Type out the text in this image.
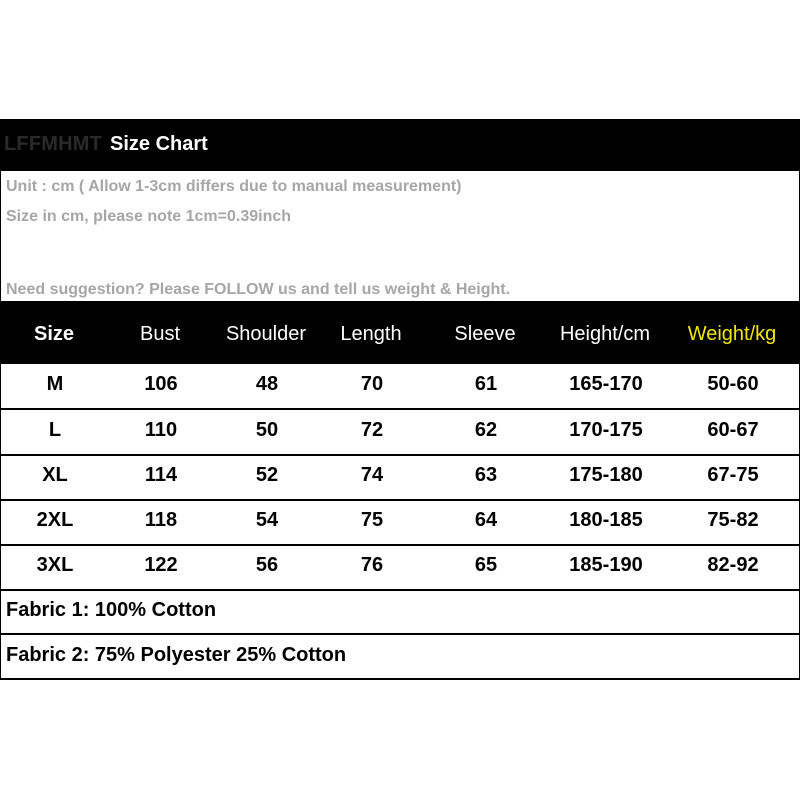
LFFMHMT Size Chart
Unit : cm ( Allow 1-3cm differs due to manual measurement)
Size in cm, please note 1cm=0.39inch
Need suggestion? Please FOLLOW us and tell us weight & Height.
Size	Bust Shoulder Length	Sleeve Height/cm Weight/kg
M	106	48	70	61	165-170	50-60
L	110	50	72	62	170-175	60-67
XL	114	52	74	63	175-180	67-75
2XL	118	54	75	64	180-185	75-82
3XL	122	56	76	65	185-190	82-92
Fabric 1: 100% Cotton
Fabric 2: 75% Polyester 25% Cotton
